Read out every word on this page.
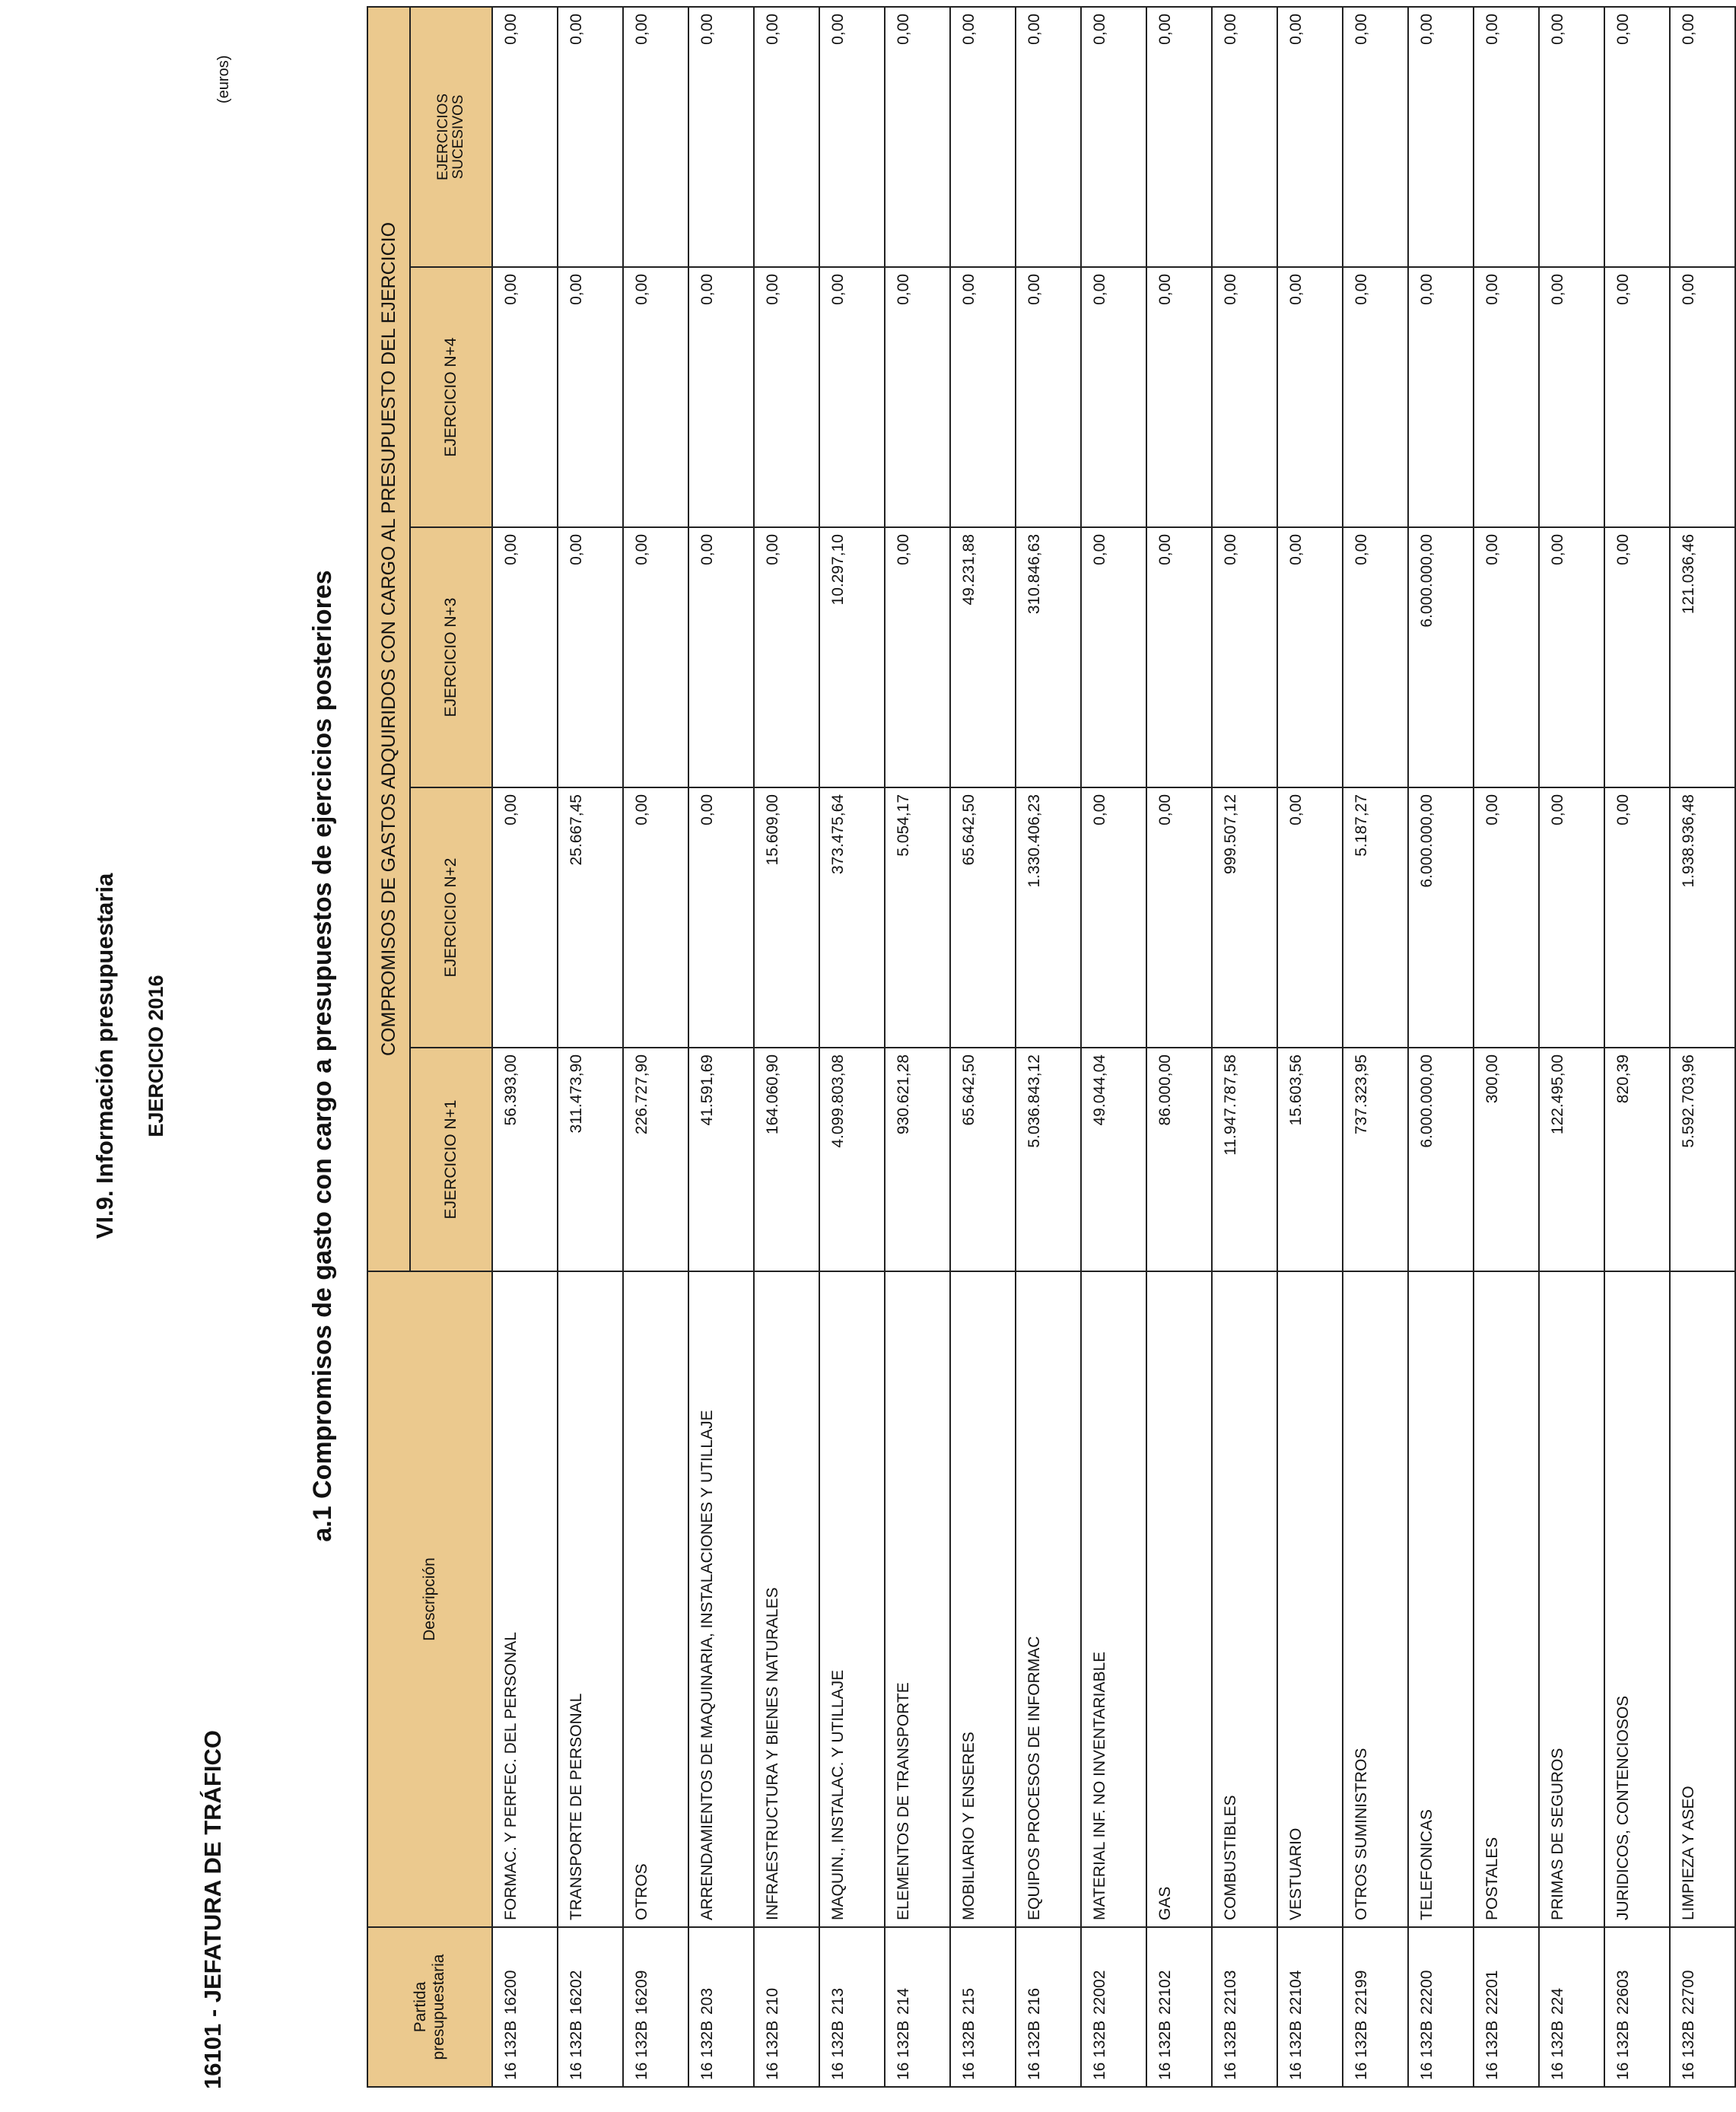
VI.9. Información presupuestaria EJERCICIO 2016
16101 - JEFATURA DE TRÁFICO
(euros)
a.1 Compromisos de gasto con cargo a presupuestos de ejercicios posteriores
Partida presupuestaria	Descripción	COMPROMISOS DE GASTOS ADQUIRIDOS CON CARGO AL PRESUPUESTO DEL EJERCICIO				
		EJERCICIO N+1	EJERCICIO N+2	EJERCICIO N+3	EJERCICIO N+4	EJERCICIOS
SUCESIVOS
16 132B16200	FORMAC. Y PERFEC. DEL PERSONAL	56.393,00	0,00	0,00	0,00	0,00
16 132B16202	TRANSPORTE DE PERSONAL	311.473,90	25.667,45	0,00	0,00	0,00
16 132B16209	OTROS	226.727,90	0,00	0,00	0,00	0,00
16 132B203	ARRENDAMIENTOS DE MAQUINARIA, INSTALACIONES Y UTILLAJE	41.591,69	0,00	0,00	0,00	0,00
16 132B210	INFRAESTRUCTURA Y BIENES NATURALES	164.060,90	15.609,00	0,00	0,00	0,00
16 132B213	MAQUIN., INSTALAC. Y UTILLAJE	4.099.803,08	373.475,64	10.297,10	0,00	0,00
16 132B214	ELEMENTOS DE TRANSPORTE	930.621,28	5.054,17	0,00	0,00	0,00
16 132B215	MOBILIARIO Y ENSERES	65.642,50	65.642,50	49.231,88	0,00	0,00
16 132B216	EQUIPOS PROCESOS DE INFORMAC	5.036.843,12	1.330.406,23	310.846,63	0,00	0,00
16 132B22002	MATERIAL INF. NO INVENTARIABLE	49.044,04	0,00	0,00	0,00	0,00
16 132B22102	GAS	86.000,00	0,00	0,00	0,00	0,00
16 132B22103	COMBUSTIBLES	11.947.787,58	999.507,12	0,00	0,00	0,00
16 132B22104	VESTUARIO	15.603,56	0,00	0,00	0,00	0,00
16 132B22199	OTROS SUMINISTROS	737.323,95	5.187,27	0,00	0,00	0,00
16 132B22200	TELEFONICAS	6.000.000,00	6.000.000,00	6.000.000,00	0,00	0,00
16 132B22201	POSTALES	300,00	0,00	0,00	0,00	0,00
16 132B224	PRIMAS DE SEGUROS	122.495,00	0,00	0,00	0,00	0,00
16 132B22603	JURIDICOS, CONTENCIOSOS	820,39	0,00	0,00	0,00	0,00
16 132B22700	LIMPIEZA Y ASEO	5.592.703,96	1.938.936,48	121.036,46	0,00	0,00
